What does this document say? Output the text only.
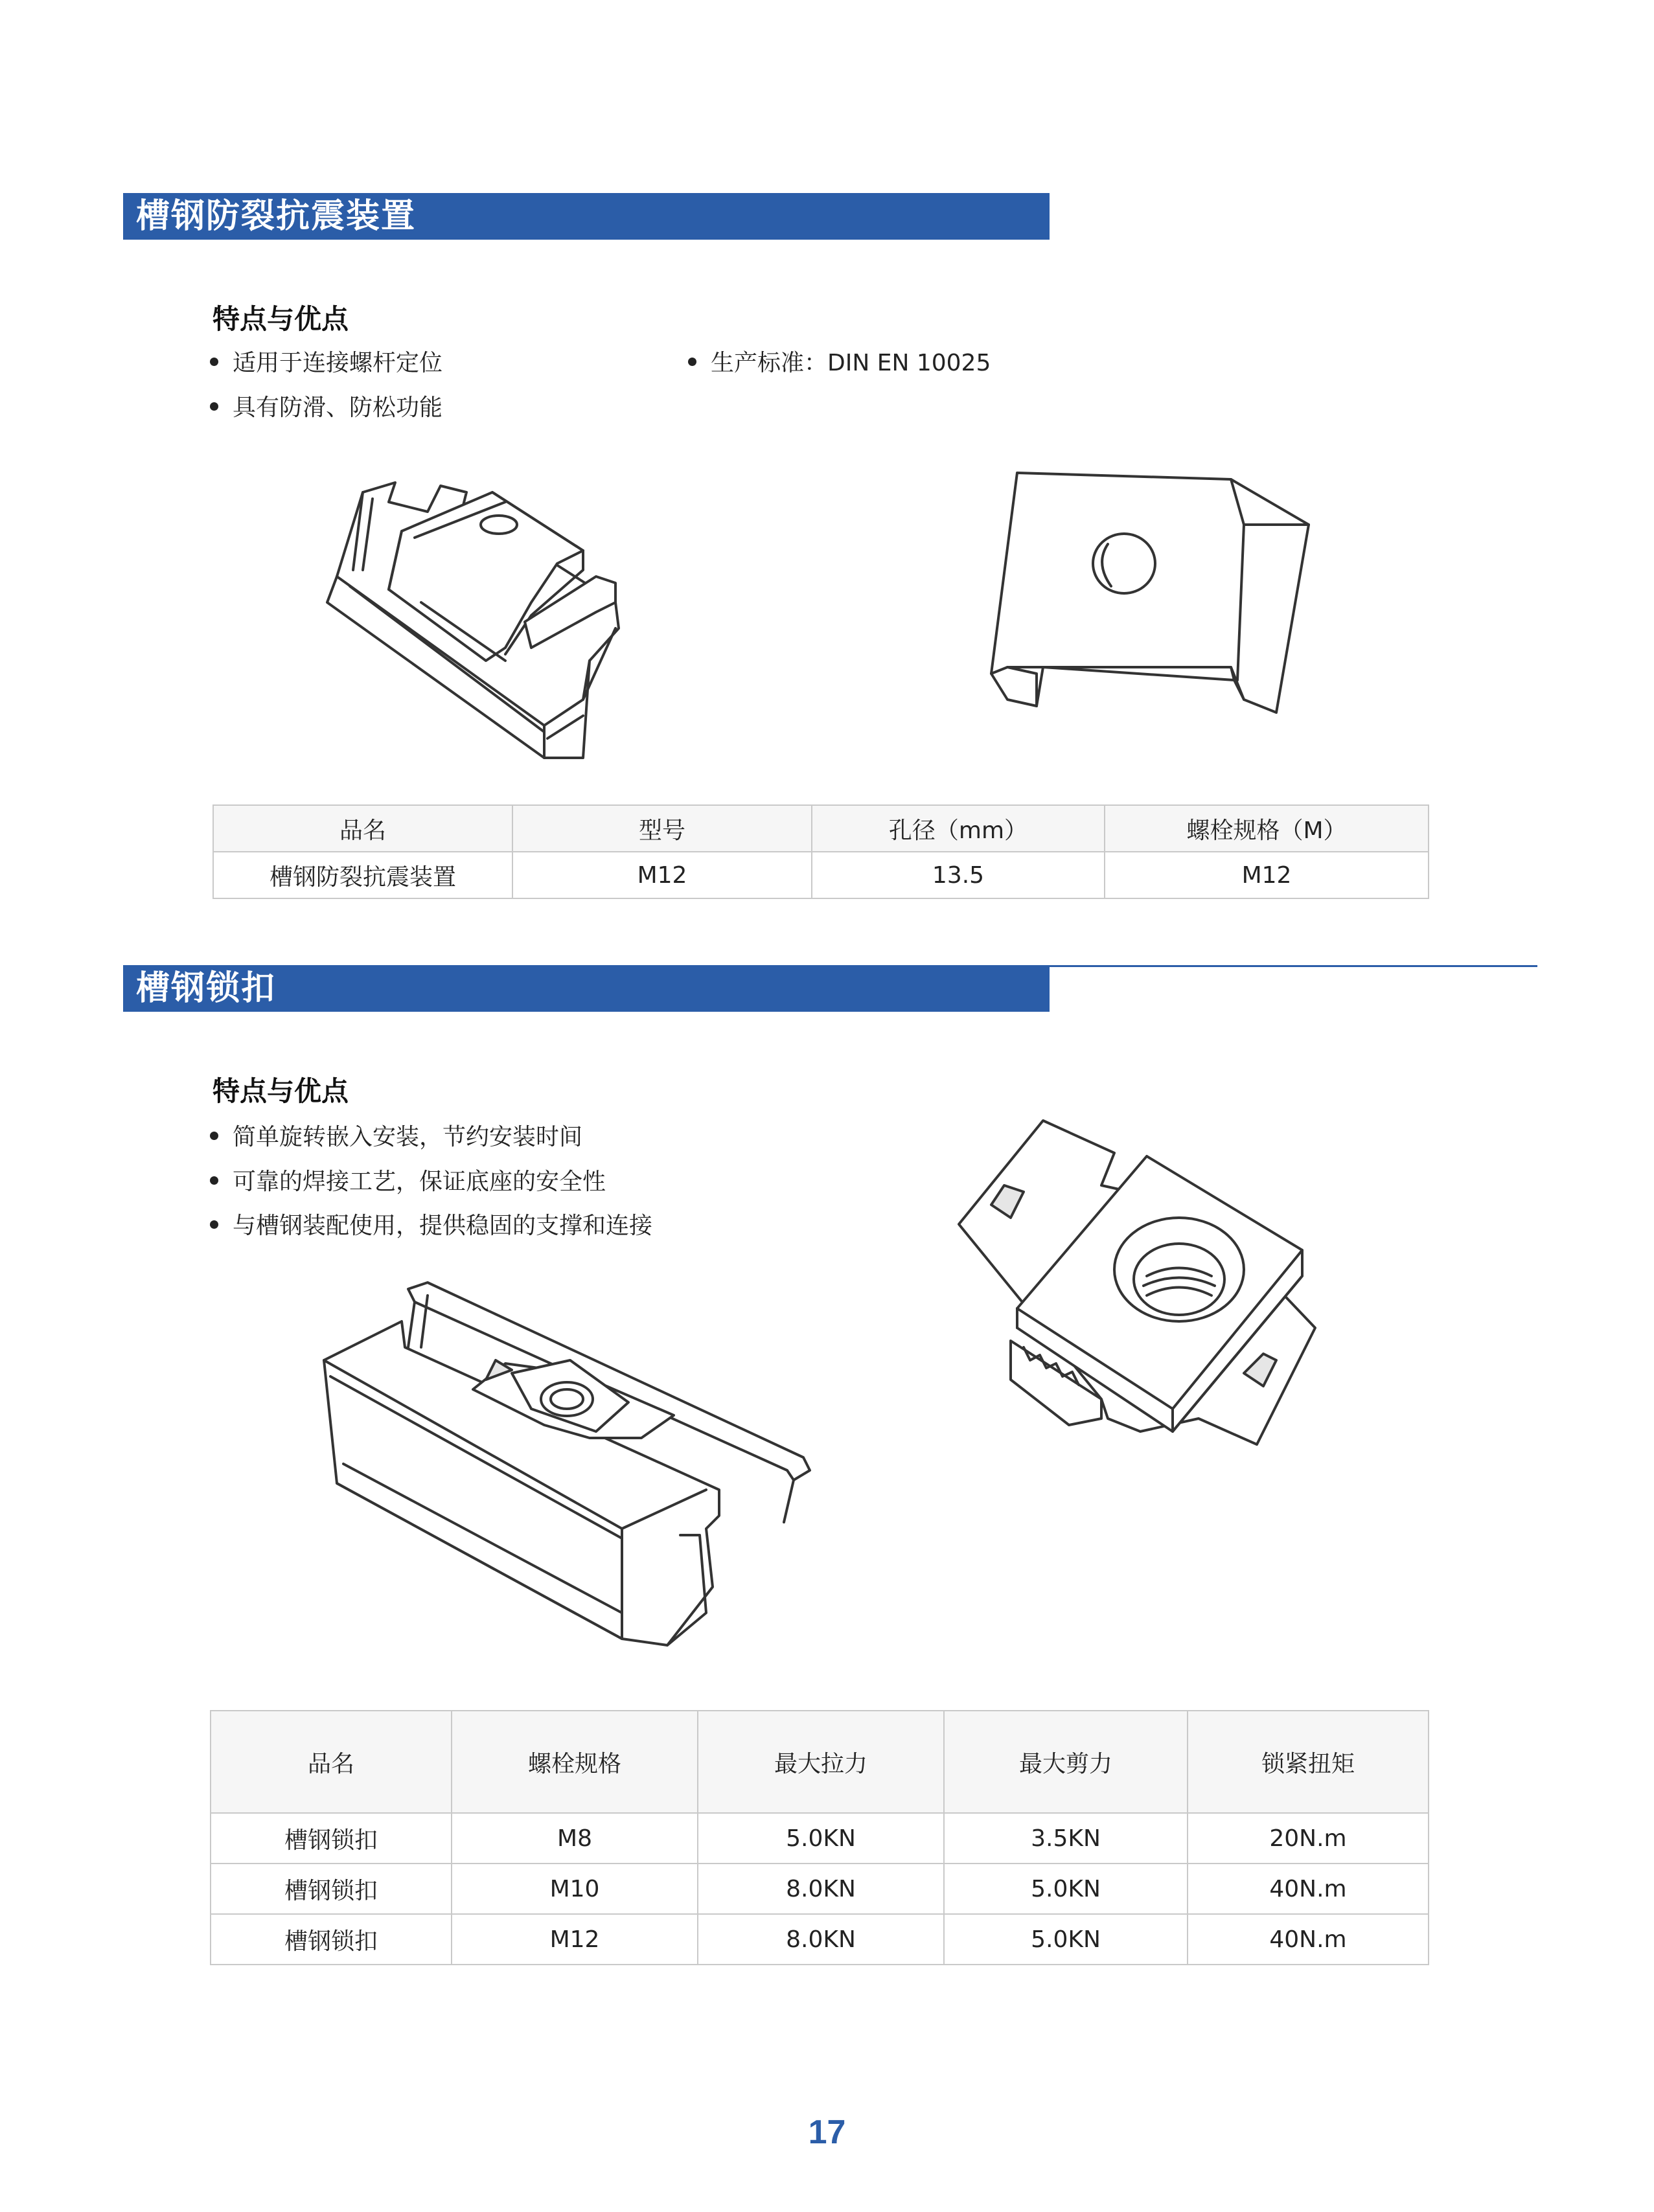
槽钢防裂抗震装置
特点与优点
适用于连接螺杆定位
具有防滑、防松功能
生产标准：DIN EN 10025
品名	型号	孔径（mm）	螺栓规格（M）
槽钢防裂抗震装置	M12	13.5	M12
槽钢锁扣
特点与优点
简单旋转嵌入安装，节约安装时间
可靠的焊接工艺，保证底座的安全性
与槽钢装配使用，提供稳固的支撑和连接
品名	螺栓规格	最大拉力	最大剪力	锁紧扭矩
槽钢锁扣	M8	5.0KN	3.5KN	20N.m
槽钢锁扣	M10	8.0KN	5.0KN	40N.m
槽钢锁扣	M12	8.0KN	5.0KN	40N.m
17
